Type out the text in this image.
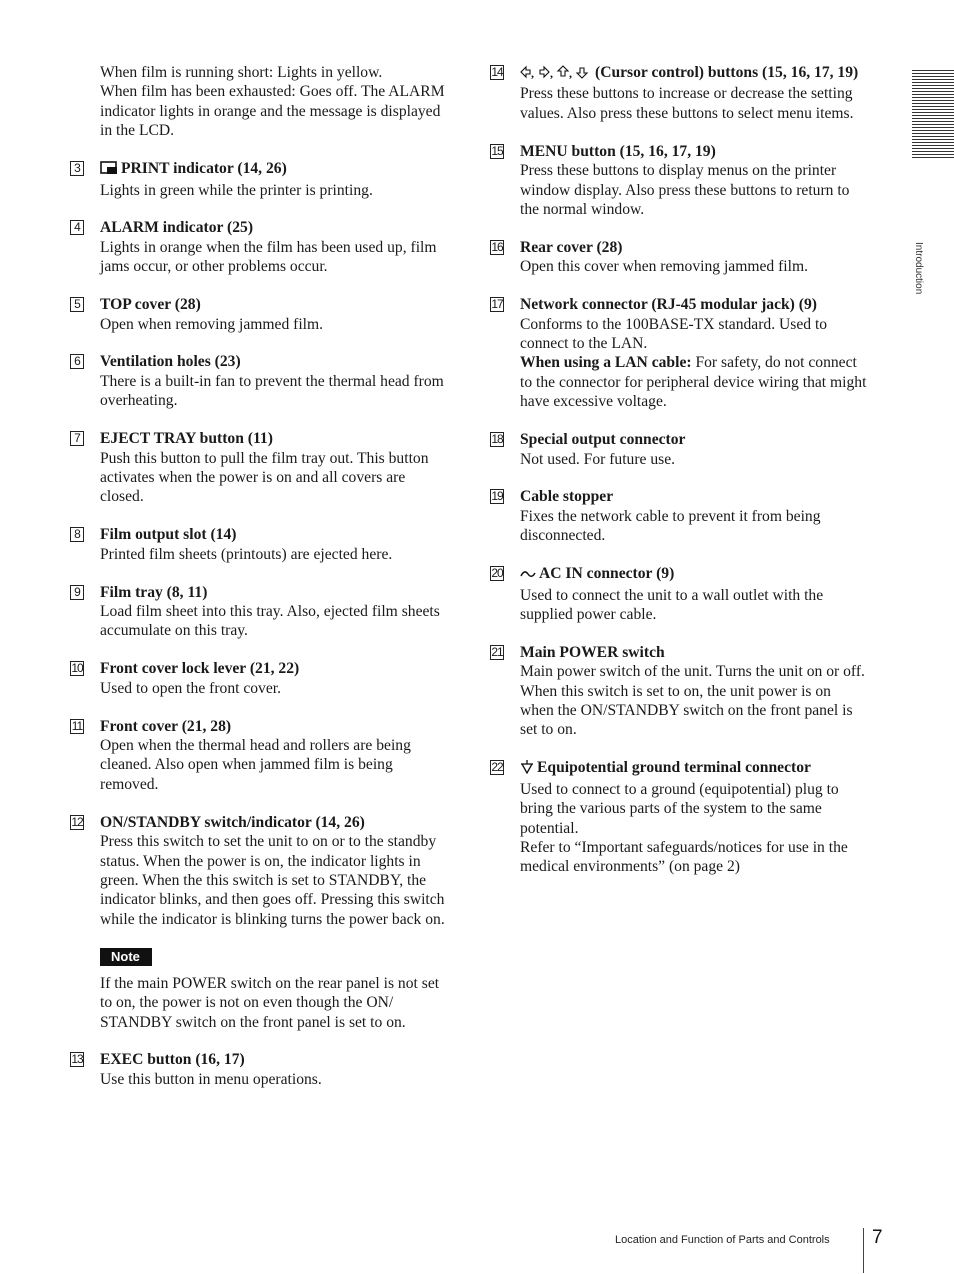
When film is running short: Lights in yellow.

When film has been exhausted: Goes off. The ALARM indicator lights in orange and the message is displayed in the LCD.

3	PRINT indicator (14, 26)

Lights in green while the printer is printing.

4 ALARM indicator (25)

Lights in orange when the film has been used up, film jams occur, or other problems occur.

5 TOP cover (28)

Open when removing jammed film.

6 Ventilation holes (23)

There is a built-in fan to prevent the thermal head from overheating.

7 EJECT TRAY button (11)

Push this button to pull the film tray out. This button activates when the power is on and all covers are closed.

8 Film output slot (14)

Printed film sheets (printouts) are ejected here.

9 Film tray (8, 11)

Load film sheet into this tray. Also, ejected film sheets accumulate on this tray.

10 Front cover lock lever (21, 22)

Used to open the front cover.

11 Front cover (21, 28)

Open when the thermal head and rollers are being cleaned. Also open when jammed film is being removed.

12 ON/STANDBY switch/indicator (14, 26)

Press this switch to set the unit to on or to the standby status. When the power is on, the indicator lights in green. When the this switch is set to STANDBY, the indicator blinks, and then goes off. Pressing this switch while the indicator is blinking turns the power back on.

Note

If the main POWER switch on the rear panel is not set to on, the power is not on even though the ON/ STANDBY switch on the front panel is set to on.

13 EXEC button (16, 17)

Use this button in menu operations.

14 , , , (Cursor control) buttons (15, 16, 17, 19)

Press these buttons to increase or decrease the setting values. Also press these buttons to select menu items.

15 MENU button (15, 16, 17, 19)

Press these buttons to display menus on the printer window display. Also press these buttons to return to the normal window.

16 Rear cover (28)

Open this cover when removing jammed film.

17 Network connector (RJ-45 modular jack) (9)

Conforms to the 100BASE-TX standard. Used to connect to the LAN.

When using a LAN cable: For safety, do not connect to the connector for peripheral device wiring that might have excessive voltage.

18 Special output connector

Not used. For future use.

19 Cable stopper

Fixes the network cable to prevent it from being disconnected.

20	AC IN connector (9)

Used to connect the unit to a wall outlet with the supplied power cable.

21 Main POWER switch

Main power switch of the unit. Turns the unit on or off. When this switch is set to on, the unit power is on when the ON/STANDBY switch on the front panel is set to on.

22	Equipotential ground terminal connector

Used to connect to a ground (equipotential) plug to bring the various parts of the system to the same potential.

Refer to “Important safeguards/notices for use in the medical environments” (on page 2)

Introduction
Location and Function of Parts and Controls 7
